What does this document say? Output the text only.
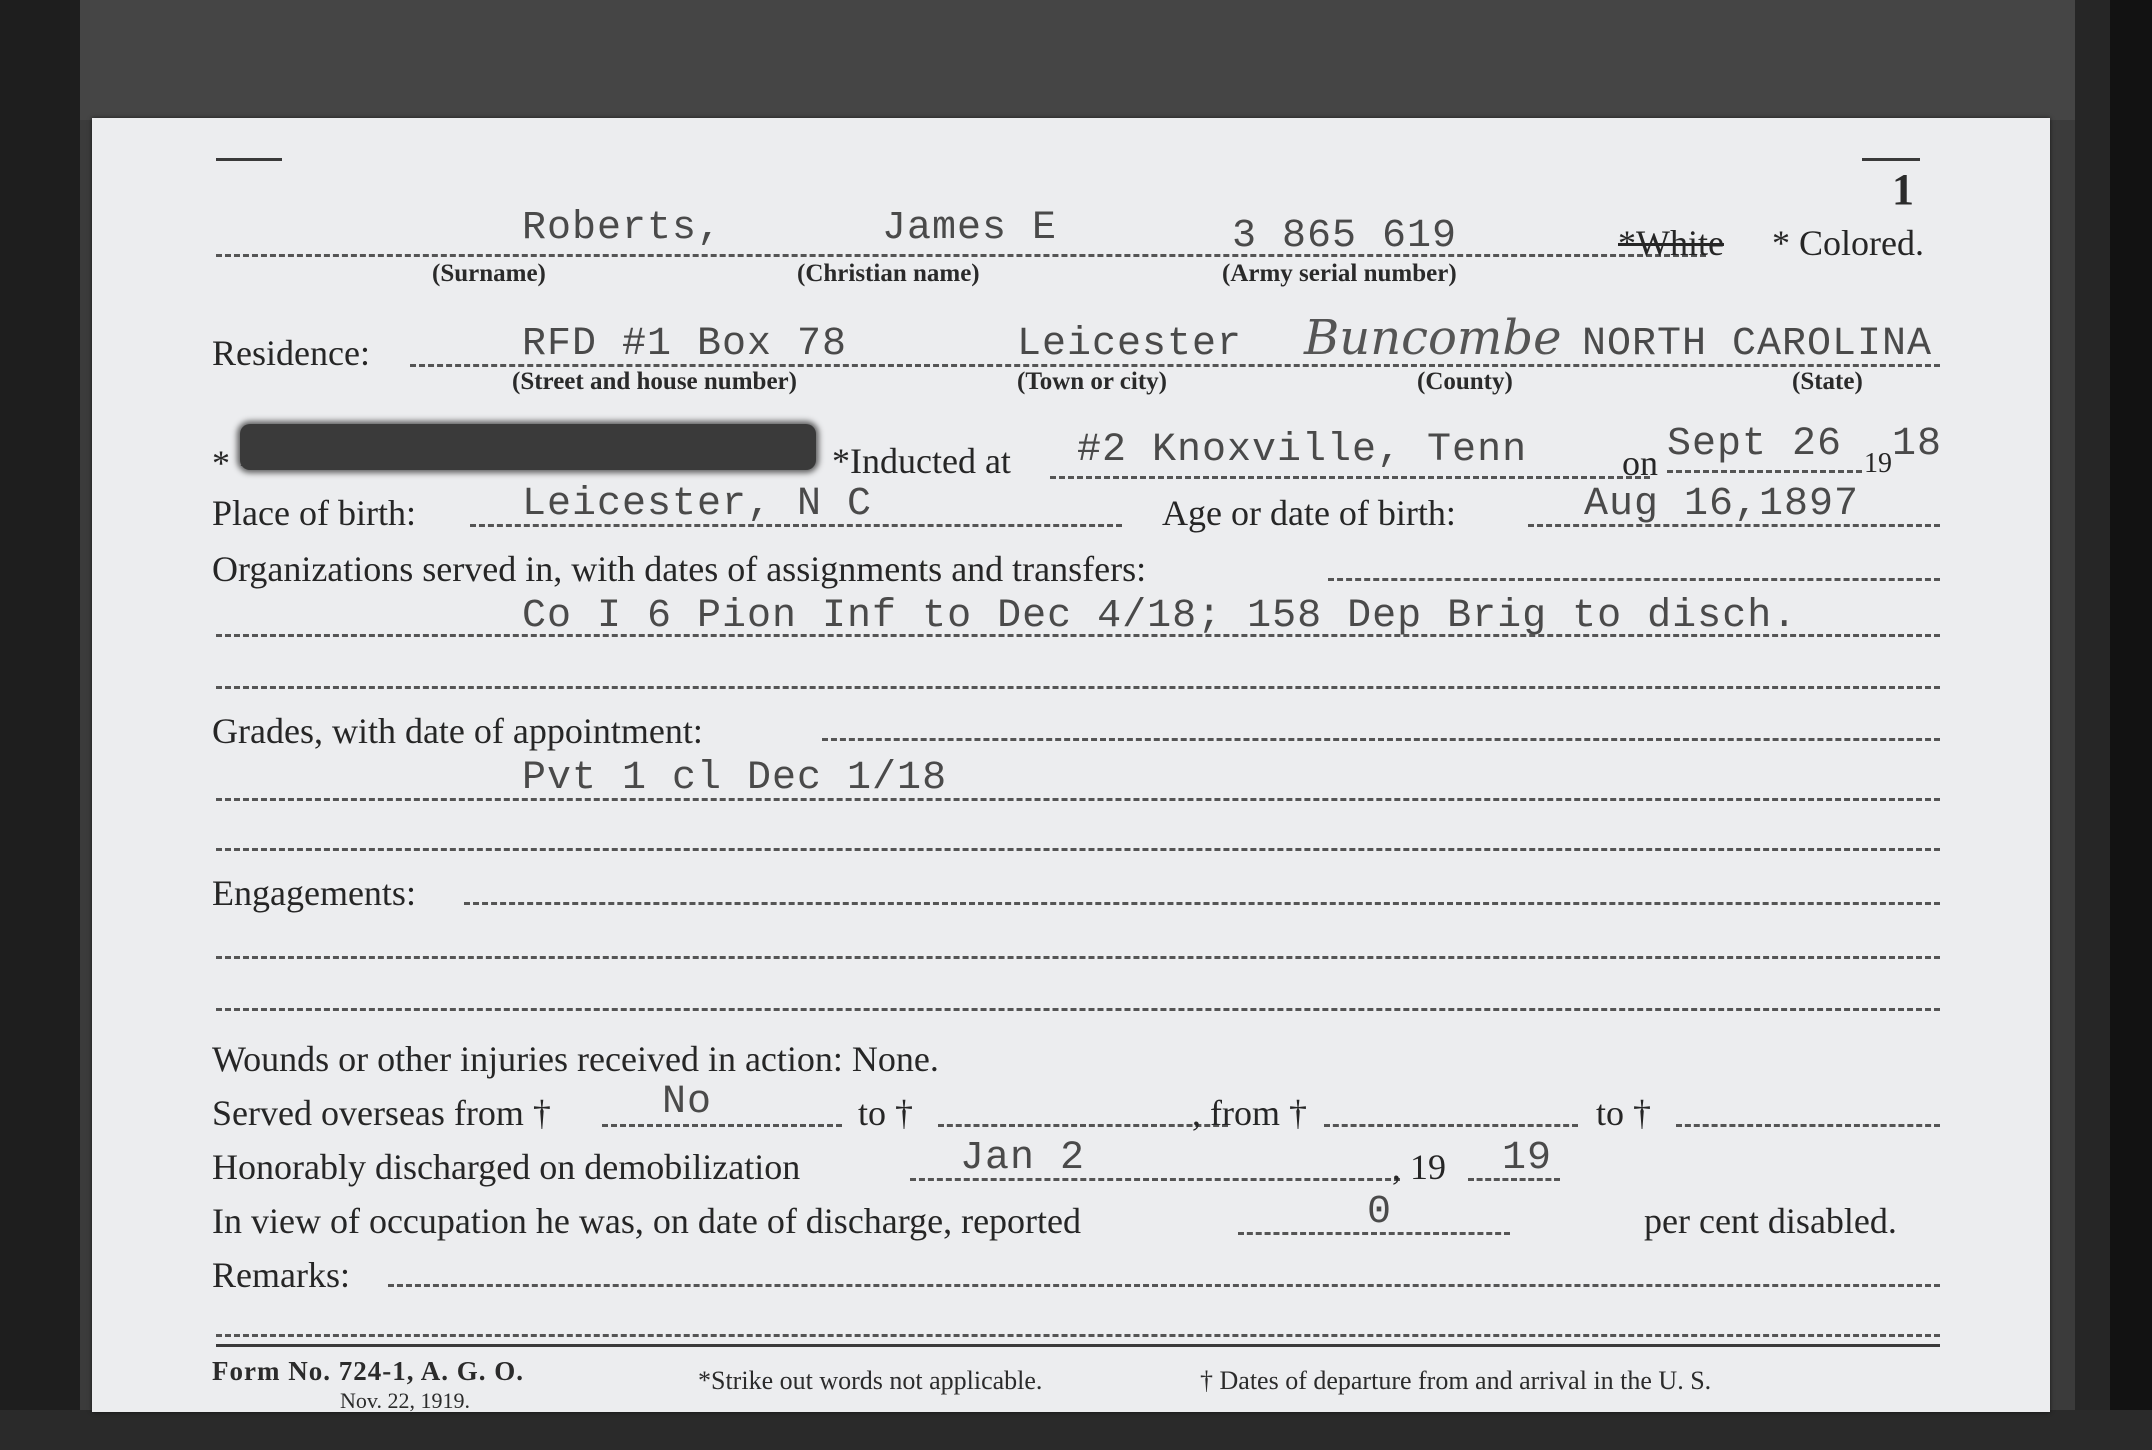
1
Roberts,	James E	3 865 619	*White * Colored.
(Surname)	(Christian name)	(Army serial number)
Residence:	RFD #1 Box 78	Leicester Buncombe NORTH CAROLINA
(Street and house number)	(Town or city)	(County)	(State)
*	*Inducted at #2 Knoxville, Tenn	on Sept 26 19 18
Place of birth:	Leicester, N C	Age or date of birth:	Aug 16,1897
Organizations served in, with dates of assignments and transfers:
Co I 6 Pion Inf to Dec 4/18; 158 Dep Brig to disch.
Grades, with date of appointment:
Pvt 1 cl Dec 1/18
Engagements:
Wounds or other injuries received in action: None.
Served overseas from †	No	to †	, from †	to †
Honorably discharged on demobilization	Jan 2	, 19 19
In view of occupation he was, on date of discharge, reported	0	per cent disabled.
Remarks:
Form No. 724-1, A. G. O.
Nov. 22, 1919.
*Strike out words not applicable.	† Dates of departure from and arrival in the U. S.
